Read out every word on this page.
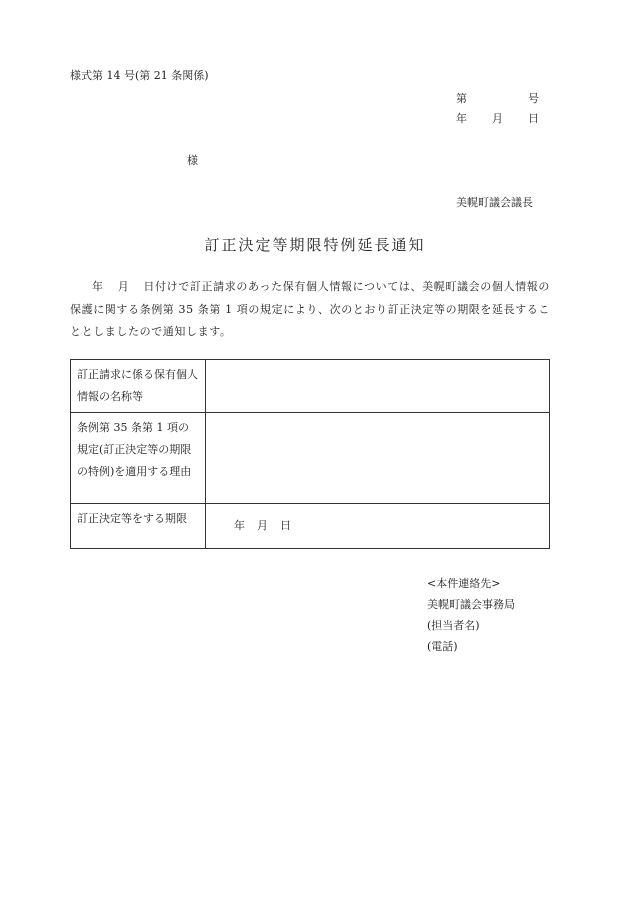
様式第 14 号(第 21 条関係)
第	号
年 月 日
様
美幌町議会議長
訂正決定等期限特例延長通知
年 月 日付けで訂正請求のあった保有個人情報については、美幌町議会の個人情報の保護に関する条例第 35 条第 1 項の規定により、次のとおり訂正決定等の期限を延長することとしましたので通知します。
訂正請求に係る保有個人情報の名称等	
条例第 35 条第 1 項の規定(訂正決定等の期限の特例)を適用する理由	
訂正決定等をする期限	年 月 日
<本件連絡先>
美幌町議会事務局
(担当者名)
(電話)
